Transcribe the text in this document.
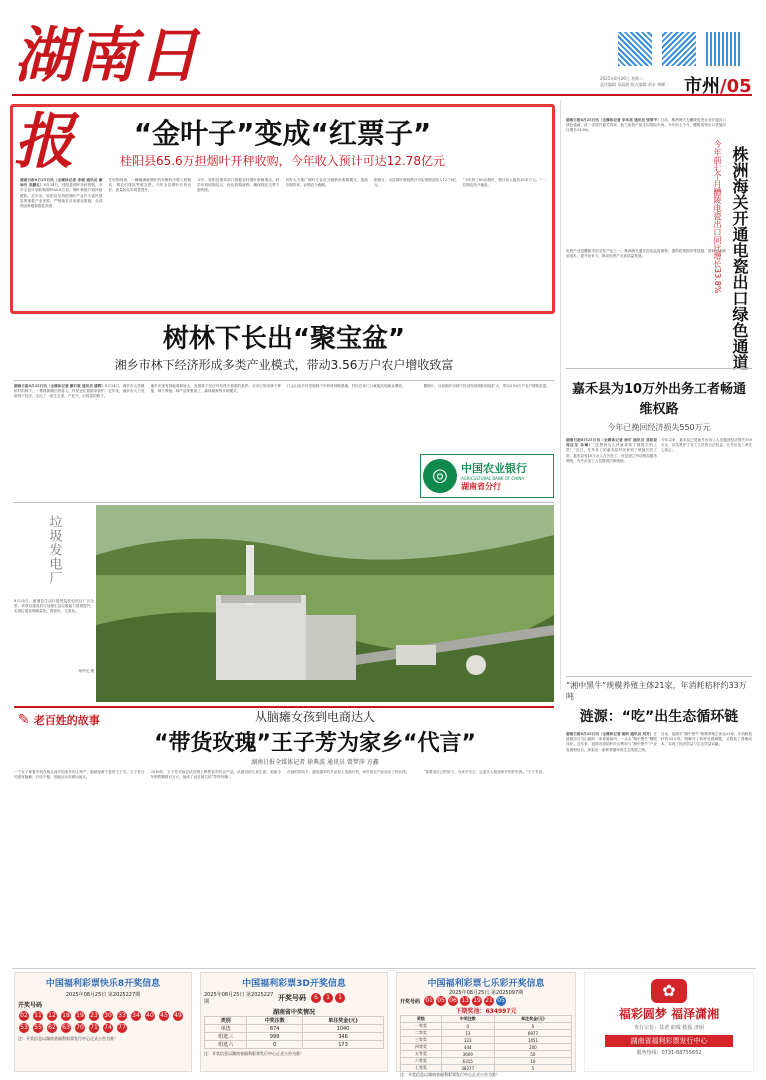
湖南日报
2025年8月26日 星期二
责任编辑 邓晶琎 版式编辑 余永 黄峰	市州/05
“金叶子”变成“红票子”
桂阳县65.6万担烟叶开秤收购，今年收入预计可达12.78亿元
湖南日报8月25日讯（全媒体记者 李俊 通讯员 廖神舟 邓鹏礼）8月24日，桂阳县烟叶开秤收购，今年全县计划收购烟叶65.6万担，烟叶种植户将持续增收。近年来，桂阳县坚持把烟叶产业作为富民强县的重要产业来抓，严格落实各项惠农措施，全县烟农种植积极性高涨。
在收购现场，一辆辆满载烟叶的车辆有序驶入收购站，烟农们排队等候交售。今年全县烟叶长势良好，质量较往年明显提升。
今年，桂阳县烟草部门根据各村烟叶种植情况，科学布局收购站点，优化收购流程，确保烟农交售方便快捷。
同时大力推广烟叶专业化分级散叶收购模式，提高收购效率，让烟农少跑腿。
据统计，全县烟叶收购预计可实现烟农收入12.78亿元。
“今年种了60亩烟叶，预计收入能有30多万元。”一位烟农高兴地说。
树林下长出“聚宝盆”
湘乡市林下经济形成多类产业模式，带动3.56万户农户增收致富
湖南日报8月25日讯（全媒体记者 颜石敦 通讯员 盛辉）8月24日，湘乡市山枣镇桥村的林下，一株株黄精长势喜人，村民正忙着除草管护。近年来，湘乡市大力发展林下经济，走出了一条生态美、产业兴、百姓富的路子。
湘乡市现有林地面积较大，发展林下经济具有得天独厚的条件。全市已形成林下种植、林下养殖、林产品采集加工、森林康养等多种模式。
江山山泉乡村发展林下中药材种植基地，村民在家门口就能实现就业增收。	据统计，目前湘乡市林下经济经营面积持续扩大，带动3.56万户农户增收致富。
◎	中国农业银行
AGRICULTURAL BANK OF CHINA
湖南省分行
垃圾发电厂
8月25日，溆浦县生活垃圾焚烧发电项目厂区全景。该项目建成后日处理生活垃圾能力显著提升，实现垃圾处理减量化、资源化、无害化。
杨华光 摄
湖南日报8月25日讯（全媒体记者 李永亮 通讯员 张翠平）日前，株洲海关为醴陵电瓷企业开通出口绿色通道，进一步提升通关效率，助力电瓷产品走向国际市场。今年前七个月，醴陵电瓷出口货值同比增长33.8%。
电瓷产业是醴陵市的支柱产业之一。株洲海关通过优化监管流程、提供政策指导等措施，帮助企业降低成本、提升竞争力，推动电瓷产业高质量发展。	株洲海关开通电瓷出口绿色通道
今年前七个月醴陵电瓷出口同比增长33.8%
嘉禾县为10万外出务工者畅通维权路
今年已挽回经济损失550万元
湖南日报8月25日讯（全媒体记者 徐可 通讯员 邓和琼 周应龙 李琳）“没想到这么快就拿到了被拖欠的工资！”近日，在外务工的嘉禾县村民拿到了被拖欠的工资。嘉禾县有10万余人在外务工，该县建立劳动维权服务网络，为外出务工人员提供法律援助。
今年以来，嘉禾县已帮助外出务工人员挽回经济损失550万元，切实维护了务工人员的合法权益，让外出务工者安心放心。
“湘中黑牛”规模养殖主体21家，年消耗秸秆约33万吨
涟源：“吃”出生态循环链
湖南日报8月25日讯（全媒体记者 姚昕 通讯员 刘芳）在涟源市石马山镇的一家养殖场内，一头头“湘中黑牛”膘肥体壮。近年来，涟源市将秸秆综合利用与“湘中黑牛”产业发展相结合，探索出一条种养循环的生态发展之路。
目前，涟源市“湘中黑牛”规模养殖主体达21家，年消耗秸秆约33万吨，既解决了秸秆处理难题，又降低了养殖成本，实现了经济效益与生态效益双赢。
✎ 老百姓的故事	从脑瘫女孩到电商达人
“带货玫瑰”王子芳为家乡“代言”
湖南日报全媒体记者 徐典波 通讯员 曾梦萍 方鑫
一个女子拿着手机在镜头前介绍家乡的土特产，她就是新宁县的王子芳。王子芳自幼患有脑瘫，行动不便，但她从未向命运低头。
2016年，王子芳开始尝试在网上销售家乡的农产品。从最初的几单生意，到如今年销售额数百万元，她成了远近闻名的“带货玫瑰”。
在她的带动下，越来越多的乡亲加入电商行列，家乡的农产品卖出了好价钱。	“我要用自己的努力，为家乡代言，让更多人知道家乡的好东西。”王子芳说。
中国福利彩票快乐8开奖信息
2025年08月25日 第2025227期
开奖号码
02 11 12 18 19 23 30 33 34 40 45 49
53 55 62 63 70 71 74 77
注：开奖信息以湖南省福利彩票发行中心正式公告为准！
中国福利彩票3D开奖信息
2025年08月25日 第2025227期	开奖号码	6	1	1
湖南省中奖情况
类别	中奖注数	单注奖金(元)
单选	874	1040
组选三	999	346
组选六	0	173
注：开奖信息以湖南省福利彩票发行中心正式公告为准！
中国福利彩票七乐彩开奖信息
2025年08月25日 第2025097期
开奖号码 01 05 06 13 19 21 05
下期奖池：634997元
奖级	中奖注数	单注奖金(元)
一等奖	0	0
二等奖	13	6977
三等奖	123	1451
四等奖	444	200
五等奖	3609	50
六等奖	6315	10
七等奖	38277	5
注：开奖信息以湖南省福利彩票发行中心正式公告为准！
✿
福彩圆梦 福泽潇湘
发行宗旨：扶老 助残 救孤 济困
湖南省福利彩票发行中心
服务热线：0731-88755652
